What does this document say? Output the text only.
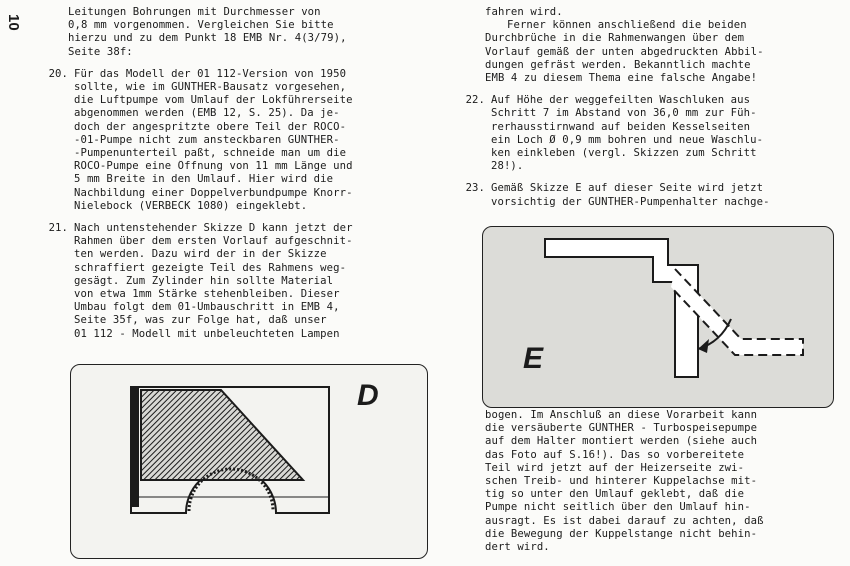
10

Leitungen Bohrungen mit Durchmesser von
0,8 mm vorgenommen. Vergleichen Sie bitte
hierzu und zu dem Punkt 18 EMB Nr. 4(3/79),
Seite 38f:

20. Für das Modell der 01 112-Version von 1950
sollte, wie im GÜNTHER-Bausatz vorgesehen,
die Luftpumpe vom Umlauf der Lokführerseite
abgenommen werden (EMB 12, S. 25). Da je-
doch der angespritzte obere Teil der ROCO-
-01-Pumpe nicht zum ansteckbaren GÜNTHER-
-Pumpenunterteil paßt, schneide man um die
ROCO-Pumpe eine Öffnung von 11 mm Länge und
5 mm Breite in den Umlauf. Hier wird die
Nachbildung einer Doppelverbundpumpe Knorr-
Nielebock (VERBECK 1080) eingeklebt.
21. Nach untenstehender Skizze D kann jetzt der
Rahmen über dem ersten Vorlauf aufgeschnit-
ten werden. Dazu wird der in der Skizze
schraffiert gezeigte Teil des Rahmens weg-
gesägt. Zum Zylinder hin sollte Material
von etwa 1mm Stärke stehenbleiben. Dieser
Umbau folgt dem 01-Umbauschritt in EMB 4,
Seite 35f, was zur Folge hat, daß unser
01 112 - Modell mit unbeleuchteten Lampen
D

fahren wird.
Ferner können anschließend die beiden
Durchbrüche in die Rahmenwangen über dem
Vorlauf gemäß der unten abgedruckten Abbil-
dungen gefräst werden. Bekanntlich machte
EMB 4 zu diesem Thema eine falsche Angabe!

22. Auf Höhe der weggefeilten Waschluken aus
Schritt 7 im Abstand von 36,0 mm zur Füh-
rerhausstirnwand auf beiden Kesselseiten
ein Loch Ø 0,9 mm bohren und neue Waschlu-
ken einkleben (vergl. Skizzen zum Schritt
28!).
23. Gemäß Skizze E auf dieser Seite wird jetzt
vorsichtig der GÜNTHER-Pumpenhalter nachge-
E
bogen. Im Anschluß an diese Vorarbeit kann
die versäuberte GÜNTHER - Turbospeisepumpe
auf dem Halter montiert werden (siehe auch
das Foto auf S.16!). Das so vorbereitete
Teil wird jetzt auf der Heizerseite zwi-
schen Treib- und hinterer Kuppelachse mit-
tig so unter den Umlauf geklebt, daß die
Pumpe nicht seitlich über den Umlauf hin-
ausragt. Es ist dabei darauf zu achten, daß
die Bewegung der Kuppelstange nicht behin-
dert wird.
